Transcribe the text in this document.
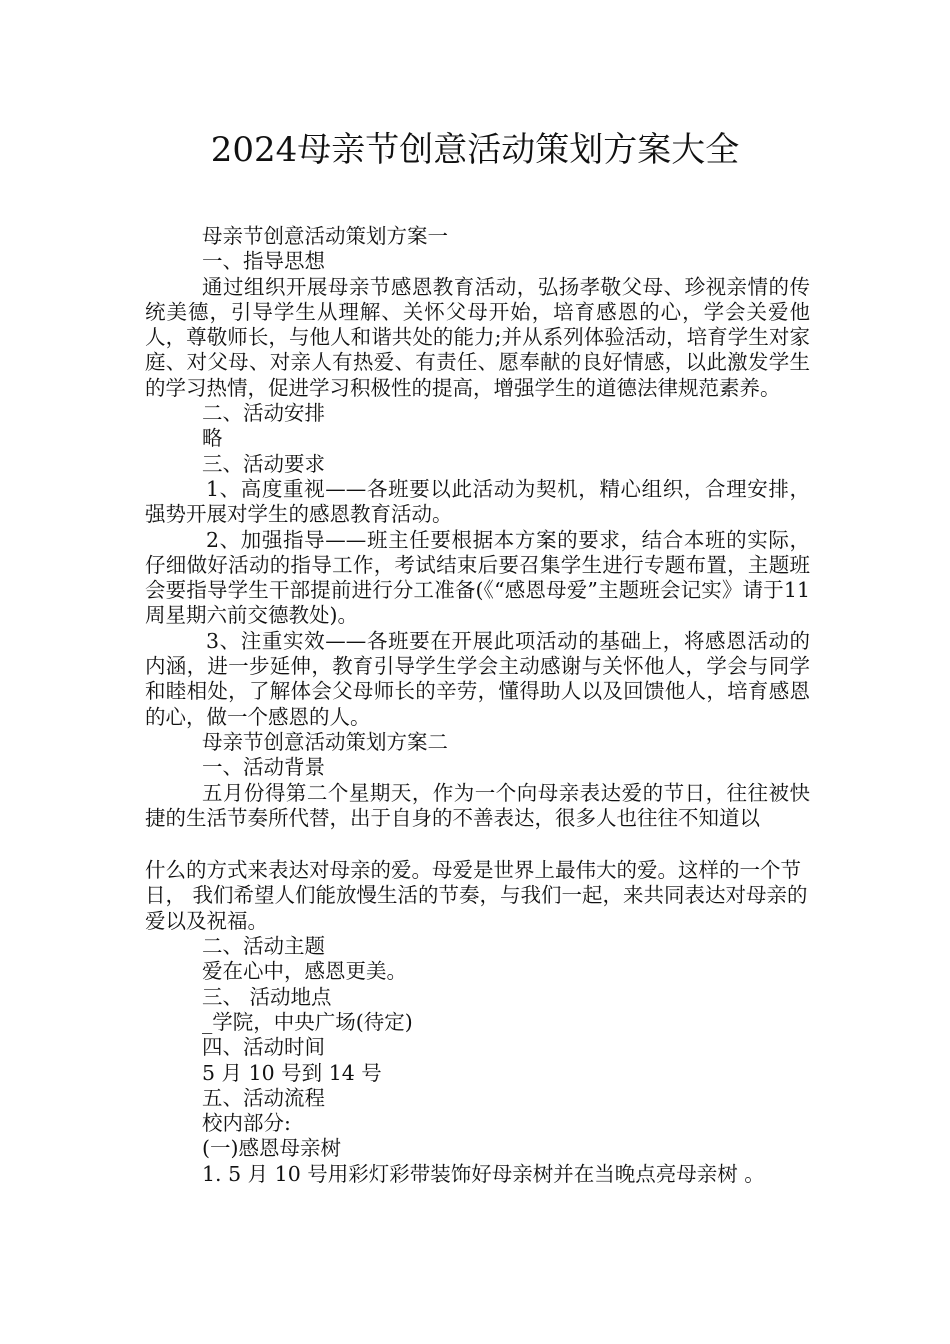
2024母亲节创意活动策划方案大全

母亲节创意活动策划方案一

一、指导思想

通过组织开展母亲节感恩教育活动，弘扬孝敬父母、珍视亲情的传统美德，引导学生从理解、关怀父母开始，培育感恩的心，学会关爱他人，尊敬师长，与他人和谐共处的能力;并从系列体验活动，培育学生对家庭、对父母、对亲人有热爱、有责任、愿奉献的良好情感，以此激发学生的学习热情，促进学习积极性的提高，增强学生的道德法律规范素养。

二、活动安排

略

三、活动要求

1、高度重视——各班要以此活动为契机，精心组织，合理安排，强势开展对学生的感恩教育活动。

2、加强指导——班主任要根据本方案的要求，结合本班的实际，仔细做好活动的指导工作，考试结束后要召集学生进行专题布置，主题班会要指导学生干部提前进行分工准备(《“感恩母爱”主题班会记实》请于11周星期六前交德教处)。

3、注重实效——各班要在开展此项活动的基础上，将感恩活动的内涵，进一步延伸，教育引导学生学会主动感谢与关怀他人，学会与同学和睦相处，了解体会父母师长的辛劳，懂得助人以及回馈他人，培育感恩的心，做一个感恩的人。

母亲节创意活动策划方案二

一、活动背景

五月份得第二个星期天，作为一个向母亲表达爱的节日，往往被快捷的生活节奏所代替，出于自身的不善表达，很多人也往往不知道以

什么的方式来表达对母亲的爱。母爱是世界上最伟大的爱。这样的一个节日， 我们希望人们能放慢生活的节奏，与我们一起，来共同表达对母亲的爱以及祝福。

二、活动主题

爱在心中，感恩更美。

三、 活动地点

_学院，中央广场(待定)

四、活动时间

5 月 10 号到 14 号

五、活动流程

校内部分:

(一)感恩母亲树

1. 5 月 10 号用彩灯彩带装饰好母亲树并在当晚点亮母亲树 。
